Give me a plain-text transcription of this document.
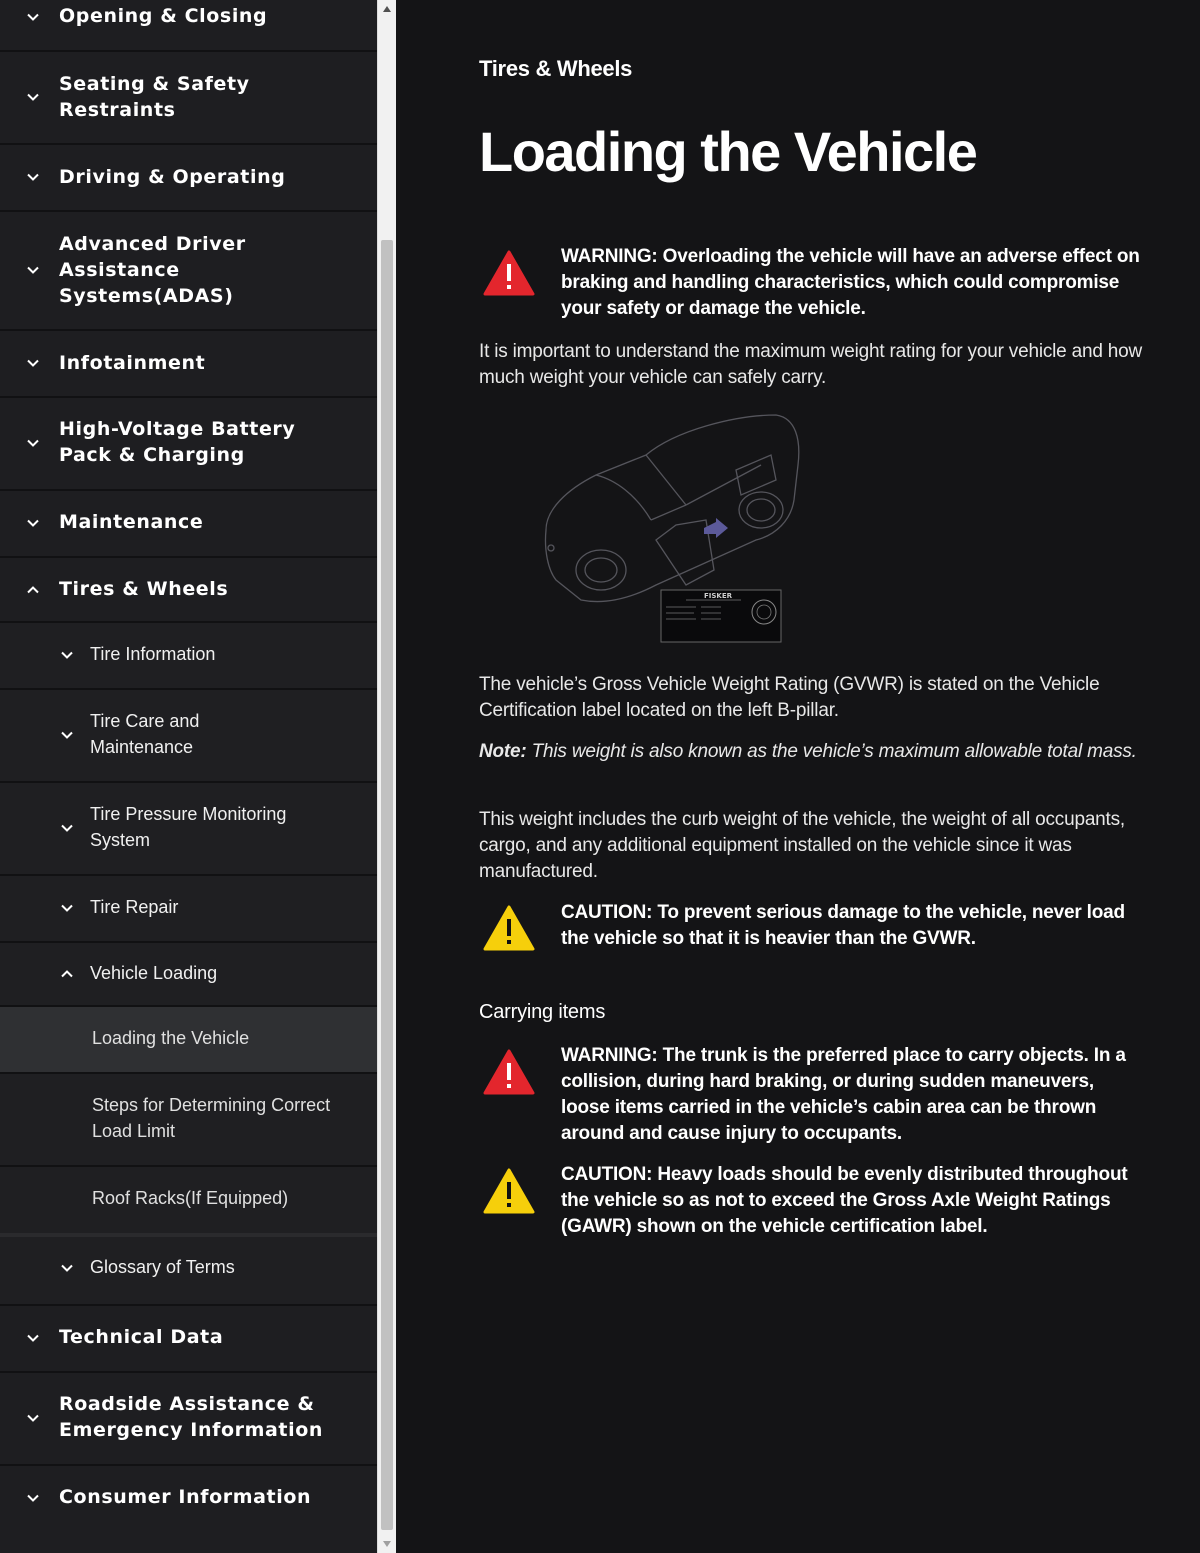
Opening & Closing
Seating & Safety Restraints
Driving & Operating
Advanced Driver Assistance Systems(ADAS)
Infotainment
High-Voltage Battery Pack & Charging
Maintenance
Tires & Wheels
Tire Information
Tire Care and Maintenance
Tire Pressure Monitoring System
Tire Repair
Vehicle Loading
Loading the Vehicle
Steps for Determining Correct Load Limit
Roof Racks(If Equipped)
Glossary of Terms
Technical Data
Roadside Assistance & Emergency Information
Consumer Information
Tires & Wheels
Loading the Vehicle
WARNING: Overloading the vehicle will have an adverse effect on braking and handling characteristics, which could compromise your safety or damage the vehicle.
It is important to understand the maximum weight rating for your vehicle and how much weight your vehicle can safely carry.
FISKER
The vehicle’s Gross Vehicle Weight Rating (GVWR) is stated on the Vehicle Certification label located on the left B-pillar.
Note: This weight is also known as the vehicle’s maximum allowable total mass.
This weight includes the curb weight of the vehicle, the weight of all occupants, cargo, and any additional equipment installed on the vehicle since it was manufactured.
CAUTION: To prevent serious damage to the vehicle, never load the vehicle so that it is heavier than the GVWR.
Carrying items
WARNING: The trunk is the preferred place to carry objects. In a collision, during hard braking, or during sudden maneuvers, loose items carried in the vehicle’s cabin area can be thrown around and cause injury to occupants.
CAUTION: Heavy loads should be evenly distributed throughout the vehicle so as not to exceed the Gross Axle Weight Ratings (GAWR) shown on the vehicle certification label.
